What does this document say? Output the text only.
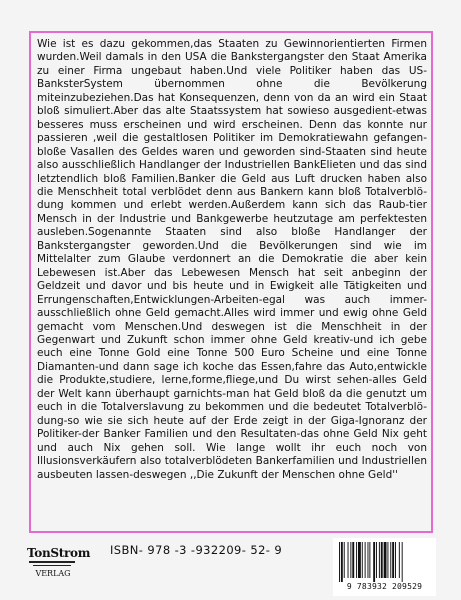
Wie ist es dazu gekommen,das Staaten zu Gewinnorientierten Firmen wurden.Weil damals in den USA die Bankstergangster den Staat Amerika zu einer Firma ungebaut haben.Und viele Politiker haben das US-BanksterSystem übernommen ohne die Bevölkerung miteinzubeziehen.Das hat Konsequenzen, denn von da an wird ein Staat bloß simuliert.Aber das alte Staatssystem hat sowieso ausgedient-etwas besseres muss erscheinen und wird erscheinen. Denn das konnte nur passieren ,weil die gestaltlosen Politiker im Demokratiewahn gefangen-bloße Vasallen des Geldes waren und geworden sind-Staaten sind heute also ausschließlich Handlanger der Industriellen BankElieten und das sind letztendlich bloß Familien.Banker die Geld aus Luft drucken haben also die Menschheit total verblödet denn aus Bankern kann bloß Totalverblö-dung kommen und erlebt werden.Außerdem kann sich das Raub-tier Mensch in der Industrie und Bankgewerbe heutzutage am perfektesten ausleben.Sogenannte Staaten sind also bloße Handlanger der Bankstergangster geworden.Und die Bevölkerungen sind wie im Mittelalter zum Glaube verdonnert an die Demokratie die aber kein Lebewesen ist.Aber das Lebewesen Mensch hat seit anbeginn der Geldzeit und davor und bis heute und in Ewigkeit alle Tätigkeiten und Errungenschaften,Entwicklungen-Arbeiten-egal was auch immer-ausschließlich ohne Geld gemacht.Alles wird immer und ewig ohne Geld gemacht vom Menschen.Und deswegen ist die Menschheit in der Gegenwart und Zukunft schon immer ohne Geld kreativ-und ich gebe euch eine Tonne Gold eine Tonne 500 Euro Scheine und eine Tonne Diamanten-und dann sage ich koche das Essen,fahre das Auto,entwickle die Produkte,studiere, lerne,forme,fliege,und Du wirst sehen-alles Geld der Welt kann überhaupt garnichts-man hat Geld bloß da die genutzt um euch in die Totalverslavung zu bekommen und die bedeutet Totalverblö-dung-so wie sie sich heute auf der Erde zeigt in der Giga-Ignoranz der Politiker-der Banker Familien und den Resultaten-das ohne Geld Nix geht und auch Nix gehen soll. Wie lange wollt ihr euch noch von Illusionsverkäufern also totalverblödeten Bankerfamilien und Industriellen ausbeuten lassen-deswegen ,,Die Zukunft der Menschen ohne Geld''

TonStrom
VERLAG
ISBN- 978 -3 -932209- 52- 9
9 783932 209529
